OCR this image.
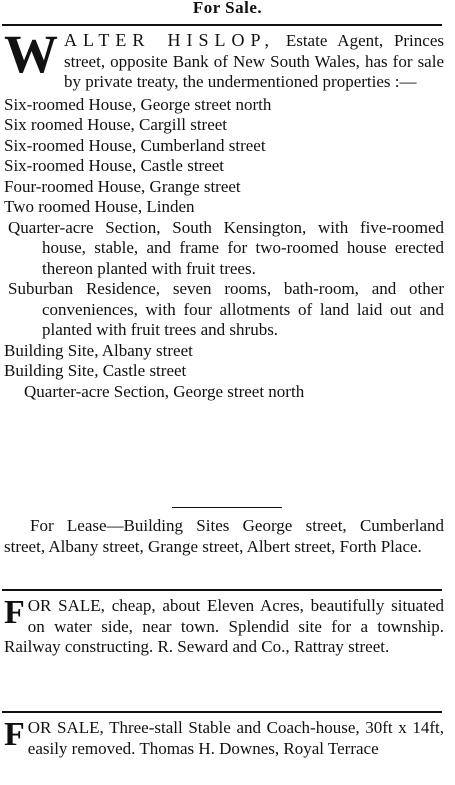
For Sale.
W ALTER HISLOP, Estate Agent, Princes street, opposite Bank of New South Wales, has for sale by private treaty, the undermentioned properties :—

Six-roomed House, George street north

Six roomed House, Cargill street

Six-roomed House, Cumberland street

Six-roomed House, Castle street

Four-roomed House, Grange street

Two roomed House, Linden

Quarter-acre Section, South Kensington, with five-roomed house, stable, and frame for two-roomed house erected thereon planted with fruit trees.

Suburban Residence, seven rooms, bath-room, and other conveniences, with four allotments of land laid out and planted with fruit trees and shrubs.

Building Site, Albany street

Building Site, Castle street

Quarter-acre Section, George street north

For Lease—Building Sites George street, Cumberland street, Albany street, Grange street, Albert street, Forth Place.

F OR SALE, cheap, about Eleven Acres, beautifully situated on water side, near town. Splendid site for a township. Railway constructing. R. Seward and Co., Rattray street.
F OR SALE, Three-stall Stable and Coach-house, 30ft x 14ft, easily removed. Thomas H. Downes, Royal Terrace
